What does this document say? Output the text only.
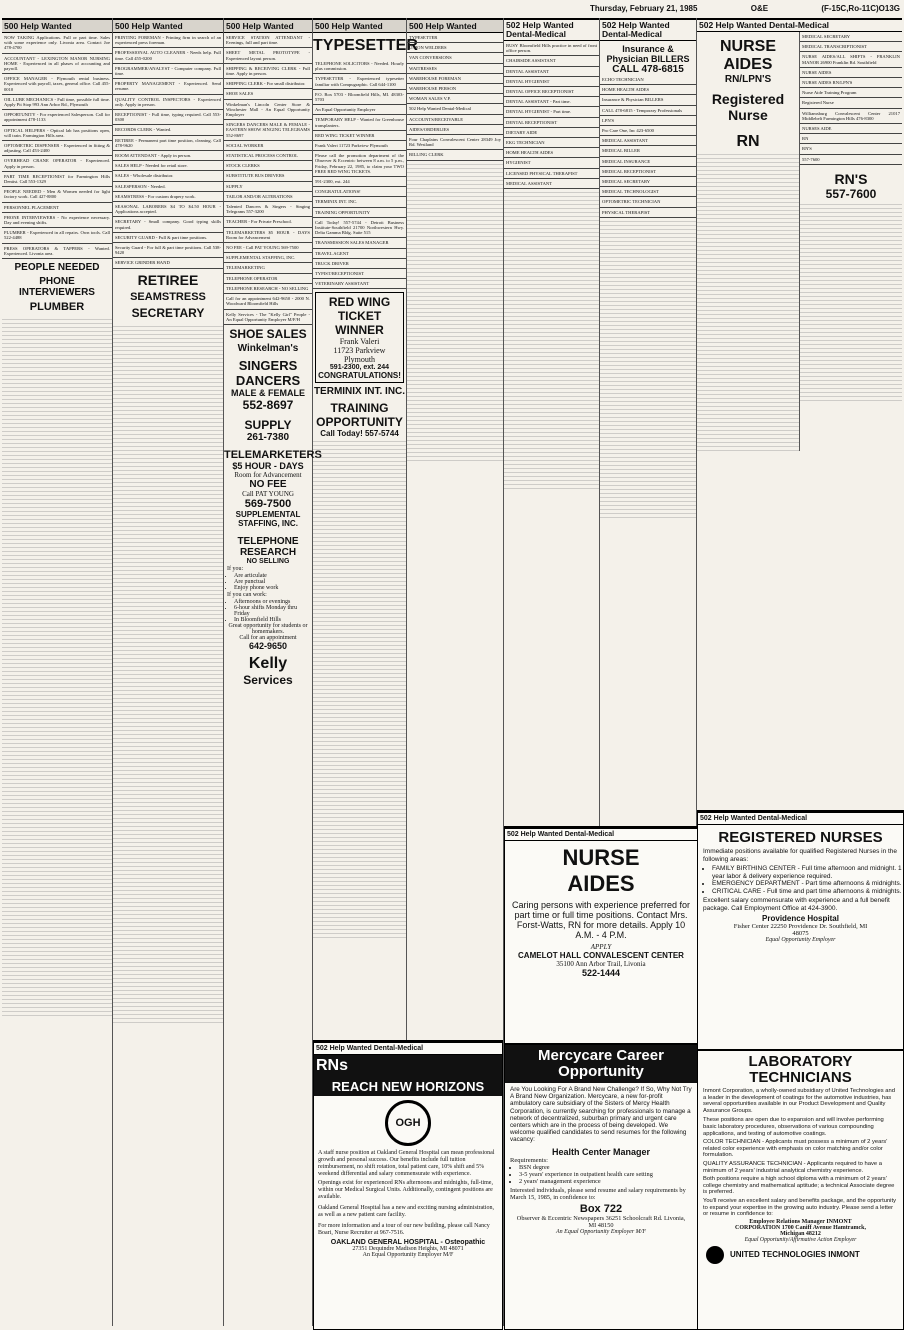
Thursday, February 21, 1985	O&E	(F-15C,Ro-11C)O13G
500 Help Wanted
NOW TAKING Applications. Full or part time. Sales with some experience only. Livonia area. Contact Joe 478-4700
ACCOUNTANT - LEXINGTON MANOR NURSING HOME - Experienced in all phases of accounting and payroll.
OFFICE MANAGER - Plymouth rental business. Experienced with payroll, taxes, general office. Call 455-0010
OIL LUBE MECHANICS - Full time, possible full time. Apply Pit Stop 993 Ann Arbor Rd., Plymouth
OPPORTUNITY - For experienced Salesperson. Call for appointment 478-1133
OPTICAL HELPERS - Optical lab has positions open, will train. Farmington Hills area.
OPTOMETRIC DISPENSER - Experienced in fitting & adjusting. Call 453-2400
OVERHEAD CRANE OPERATOR - Experienced. Apply in person.
PART TIME RECEPTIONIST for Farmington Hills Dentist. Call 553-1329
PEOPLE NEEDED - Men & Women needed for light factory work. Call 427-8800
PERSONNEL PLACEMENT
PHONE INTERVIEWERS - No experience necessary. Day and evening shifts.
PLUMBER - Experienced in all repairs. Own tools. Call 522-4488
PRESS OPERATORS & TAPPERS - Wanted. Experienced. Livonia area.
PEOPLE NEEDED
PHONE INTERVIEWERS
PLUMBER
500 Help Wanted
PRINTING FOREMAN - Printing firm in search of an experienced press foreman.
PROFESSIONAL AUTO CLEANER - Needs help. Full time. Call 455-0200
PROGRAMMER/ANALYST - Computer company. Full time.
PROPERTY MANAGEMENT - Experienced. Send resume.
QUALITY CONTROL INSPECTORS - Experienced only. Apply in person.
RECEPTIONIST - Full time, typing required. Call 553-0300
RECORDS CLERK - Wanted.
RETIREE - Permanent part time position, cleaning. Call 478-9620
ROOM ATTENDANT - Apply in person.
SALES HELP - Needed for retail store.
SALES - Wholesale distributor.
SALESPERSON - Needed.
SEAMSTRESS - For custom drapery work.
SEASONAL LABORERS $4 TO $4.50 HOUR - Applications accepted.
SECRETARY - Small company. Good typing skills required.
SECURITY GUARD - Full & part time positions.
Security Guard - For full & part time positions. Call 538-9420
SERVICE GRINDER HAND
RETIREE
SEAMSTRESS
SECRETARY
500 Help Wanted
SERVICE STATION ATTENDANT - Evenings, full and part time.
SHEET METAL PROTOTYPE - Experienced layout person.
SHIPPING & RECEIVING CLERK - Full time. Apply in person.
SHIPPING CLERK - For small distributor.
SHOE SALES
Winkelman's Lincoln Center Store & Winchester Mall - An Equal Opportunity Employer
SINGERS DANCERS MALE & FEMALE - EASTERN SHOW SINGING TELEGRAMS 552-8697
SOCIAL WORKER
STATISTICAL PROCESS CONTROL
STOCK CLERKS
SUBSTITUTE BUS DRIVERS
SUPPLY
TAILOR AND/OR ALTERATIONS
Talented Dancers & Singers - Singing Telegrams 557-3200
TEACHER - For Private Preschool.
TELEMARKETERS $5 HOUR - DAYS Room for Advancement
NO FEE - Call PAT YOUNG 569-7500
SUPPLEMENTAL STAFFING, INC.
TELEMARKETING
TELEPHONE OPERATOR
TELEPHONE RESEARCH - NO SELLING
Call for an appointment 642-9650 - 2000 N. Woodward Bloomfield Hills
Kelly Services - The "Kelly Girl" People - An Equal Opportunity Employer M/F/H
SHOE SALES
Winkelman's
SINGERS
DANCERS
MALE & FEMALE
552-8697
SUPPLY
261-7380
TELEMARKETERS
$5 HOUR - DAYS
Room for Advancement
NO FEE
Call PAT YOUNG
569-7500
SUPPLEMENTAL STAFFING, INC.
TELEPHONE RESEARCH
NO SELLING
If you:
• Are articulate
• Are punctual
• Enjoy phone work
If you can work:
• Afternoons or evenings
• 6-hour shifts Monday thru Friday
• In Bloomfield Hills
Great opportunity for students or homemakers.
Call for an appointment
642-9650
Kelly
Services
500 Help Wanted
TYPESETTER
TELEPHONE SOLICITORS - Needed. Hourly plus commission.
TYPESETTER - Experienced typesetter familiar with Compugraphic. Call 644-1100
P.O. Box 5703 - Bloomfield Hills, MI. 48303-5703
An Equal Opportunity Employer
TEMPORARY HELP - Wanted for Greenhouse transplanters.
RED WING TICKET WINNER
Frank Valeri 11723 Parkview Plymouth
Please call the promotion department of the Observer & Eccentric between 8 a.m. to 5 p.m., Friday, February 22, 1985, to claim your TWO FREE RED WING TICKETS.
591-2300, ext. 244
CONGRATULATIONS!
TERMINIX INT. INC.
TRAINING OPPORTUNITY
Call Today! 557-5744 - Detroit Business Institute-Southfield 21700 Northwestern Hwy. Delta Gamma Bldg. Suite 515
TRANSMISSION SALES MANAGER
TRAVEL AGENT
TRUCK DRIVER
TYPIST/RECEPTIONIST
VETERINARY ASSISTANT
RED WING
TICKET
WINNER
Frank Valeri
11723 Parkview
Plymouth
591-2300, ext. 244
CONGRATULATIONS!
TERMINIX INT. INC.
TRAINING OPPORTUNITY
Call Today! 557-5744
500 Help Wanted
TYPESETTER
UNION WELDERS
VAN CONVERSIONS
WAITRESSES
WAREHOUSE FOREMAN
WAREHOUSE PERSON
WOMAN SALES V.P.
502 Help Wanted Dental-Medical
ACCOUNTS/RECEIVABLE
AIDES/ORDERLIES
Four Chaplains Convalescent Center 28349 Joy Rd. Westland
BILLING CLERK
502 Help Wanted Dental-Medical
BUSY Bloomfield Hills practice in need of front office person.
CHAIRSIDE ASSISTANT
DENTAL ASSISTANT
DENTAL HYGIENIST
DENTAL OFFICE RECEPTIONIST
DENTAL ASSISTANT - Part time.
DENTAL HYGIENIST - Part time.
DENTAL RECEPTIONIST
DIETARY AIDE
EKG TECHNICIAN
HOME HEALTH AIDES
HYGIENIST
LICENSED PHYSICAL THERAPIST
MEDICAL ASSISTANT
502 Help Wanted Dental-Medical
Insurance & Physician BILLERS
CALL 478-6815
ECHO TECHNICIAN
HOME HEALTH AIDES
Insurance & Physician BILLERS
CALL 478-6815 - Temporary Professionals
LPN'S
Pro Care One, Inc 423-6500
MEDICAL ASSISTANT
MEDICAL BILLER
MEDICAL INSURANCE
MEDICAL RECEPTIONIST
MEDICAL SECRETARY
MEDICAL TECHNOLOGIST
OPTOMETRIC TECHNICIAN
PHYSICAL THERAPIST
502 Help Wanted Dental-Medical
NURSE AIDES
RN/LPN'S
Registered Nurse
RN
MEDICAL SECRETARY
MEDICAL TRANSCRIPTIONIST
NURSE AIDES/ALL SHIFTS - FRANKLIN MANOR 26900 Franklin Rd. Southfield
NURSE AIDES
NURSE AIDES RN/LPN'S
Nurse Aide Training Program
Registered Nurse
Williamsburg Convalescent Center 21017 Middlebelt Farmington Hills 476-8300
NURSES AIDE
RN
RN'S
557-7600
RN'S
557-7600
502 Help Wanted Dental-Medical
RNs
REACH NEW HORIZONS
OGH
A staff nurse position at Oakland General Hospital can mean professional growth and personal success. Our benefits include full tuition reimbursement, no shift rotation, total patient care, 10% shift and 5% weekend differential and salary commensurate with experience.
Openings exist for experienced RNs afternoons and midnights, full-time, within our Medical Surgical Units. Additionally, contingent positions are available.
Oakland General Hospital has a new and exciting nursing administration, as well as a new patient care facility.
For more information and a tour of our new building, please call Nancy Boari, Nurse Recruiter at 967-7516.
OAKLAND GENERAL HOSPITAL - Osteopathic
27351 Dequindre Madison Heights, MI 48071
An Equal Opportunity Employer M/F
502 Help Wanted Dental-Medical
NURSE
AIDES
Caring persons with experience preferred for part time or full time positions. Contact Mrs. Forst-Watts, RN for more details. Apply 10 A.M. - 4 P.M.
APPLY
CAMELOT HALL CONVALESCENT CENTER
35100 Ann Arbor Trail, Livonia
522-1444
Mercycare Career Opportunity
Are You Looking For A Brand New Challenge? If So, Why Not Try A Brand New Organization. Mercycare, a new for-profit ambulatory care subsidiary of the Sisters of Mercy Health Corporation, is currently searching for professionals to manage a network of decentralized, suburban primary and urgent care centers which are in the process of being developed. We welcome qualified candidates to send resumes for the following vacancy:
Health Center Manager
Requirements:
• BSN degree
• 3-5 years' experience in outpatient health care setting
• 2 years' management experience
Interested individuals, please send resume and salary requirements by March 15, 1985, in confidence to:
Box 722
Observer & Eccentric Newspapers 36251 Schoolcraft Rd. Livonia, MI 48150
An Equal Opportunity Employer M/F
502 Help Wanted Dental-Medical
REGISTERED NURSES
Immediate positions available for qualified Registered Nurses in the following areas:
• FAMILY BIRTHING CENTER - Full time afternoon and midnight. 1 year labor & delivery experience required.
• EMERGENCY DEPARTMENT - Part time afternoons & midnights.
• CRITICAL CARE - Full time and part time afternoons & midnights.
Excellent salary commensurate with experience and a full benefit package. Call Employment Office at 424-3900.
Providence Hospital
Fisher Center 22250 Providence Dr. Southfield, MI 48075
Equal Opportunity Employer
LABORATORY TECHNICIANS
Inmont Corporation, a wholly-owned subsidiary of United Technologies and a leader in the development of coatings for the automotive industries, has several opportunities available in our Product Development and Quality Assurance Groups.
These positions are open due to expansion and will involve performing basic laboratory procedures, observations of various compounding applications, and testing of automotive coatings.
COLOR TECHNICIAN - Applicants must possess a minimum of 2 years' related color experience with emphasis on color matching and/or color formulation.
QUALITY ASSURANCE TECHNICIAN - Applicants required to have a minimum of 2 years' industrial analytical chemistry experience.
Both positions require a high school diploma with a minimum of 2 years' college chemistry and mathematical aptitude; a technical Associate degree is preferred.
You'll receive an excellent salary and benefits package, and the opportunity to expand your expertise in the growing auto industry. Please send a letter or resume in confidence to:
Employee Relations Manager INMONT CORPORATION 1700 Caniff Avenue Hamtramck, Michigan 48212
Equal Opportunity/Affirmative Action Employer
UNITED TECHNOLOGIES INMONT
